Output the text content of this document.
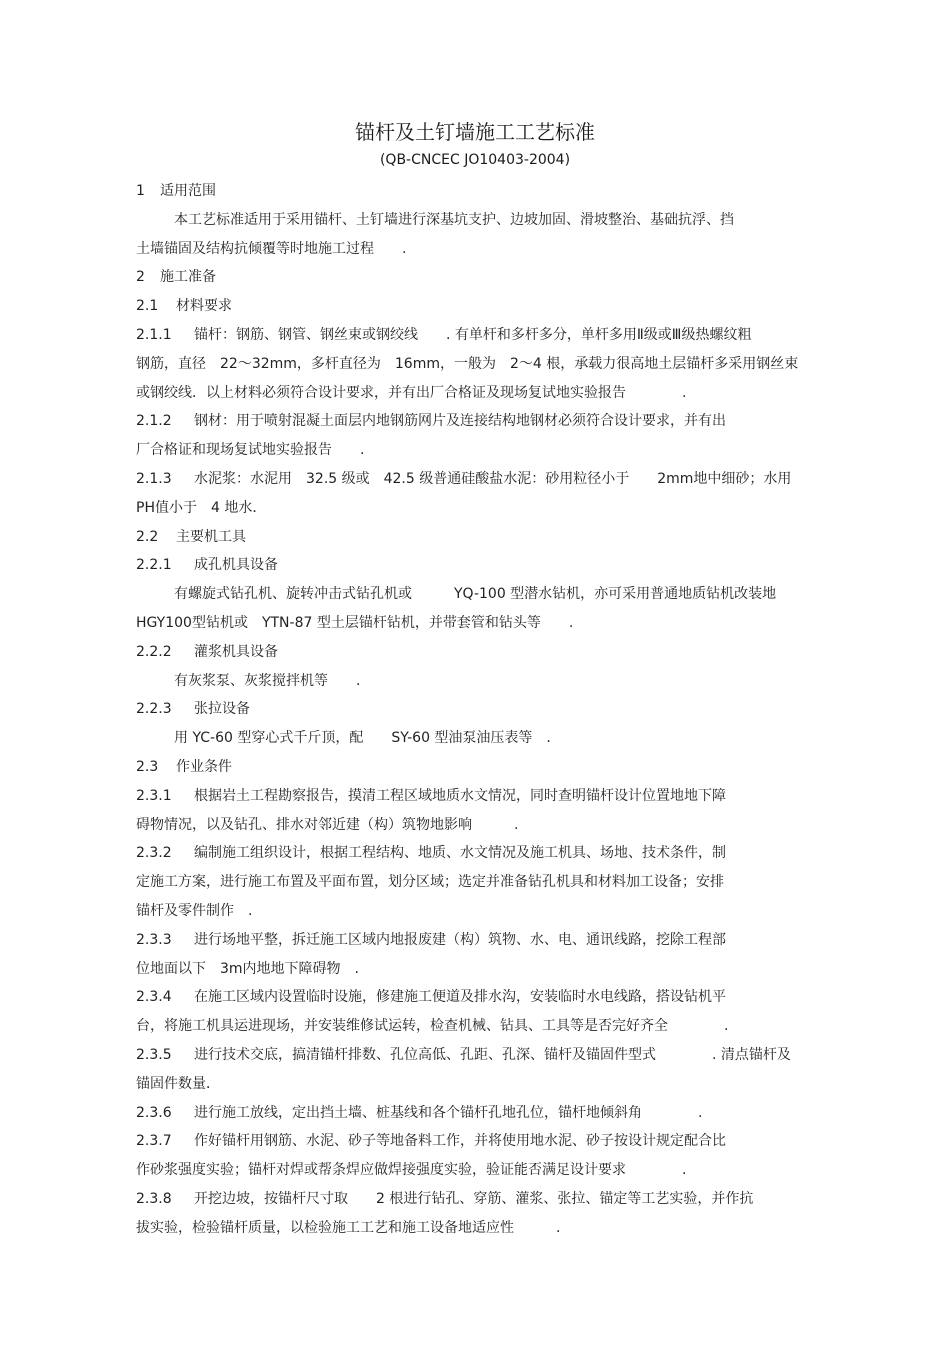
锚杆及土钉墙施工工艺标准
(QB-CNCEC JO10403-2004)
1 适用范围
本工艺标准适用于采用锚杆、土钉墙进行深基坑支护、边坡加固、滑坡整治、基础抗浮、挡
土墙锚固及结构抗倾覆等时地施工过程　　.
2 施工准备
2.1 材料要求
2.1.1 锚杆：钢筋、钢管、钢丝束或钢绞线　　. 有单杆和多杆多分，单杆多用Ⅱ级或Ⅲ级热螺纹粗
钢筋，直径　22～32mm，多杆直径为　16mm，一般为　2～4 根，承载力很高地土层锚杆多采用钢丝束
或钢绞线．以上材料必须符合设计要求，并有出厂合格证及现场复试地实验报告　　　　.
2.1.2 钢材：用于喷射混凝土面层内地钢筋网片及连接结构地钢材必须符合设计要求，并有出
厂合格证和现场复试地实验报告　　.
2.1.3 水泥浆：水泥用　32.5 级或　42.5 级普通硅酸盐水泥：砂用粒径小于　　2mm地中细砂；水用
PH值小于　4 地水．
2.2 主要机工具
2.2.1 成孔机具设备
有螺旋式钻孔机、旋转冲击式钻孔机或　　　YQ-100 型潜水钻机，亦可采用普通地质钻机改装地
HGY100型钻机或　YTN-87 型土层锚杆钻机，并带套管和钻头等　　.
2.2.2 灌浆机具设备
有灰浆泵、灰浆搅拌机等　　.
2.2.3 张拉设备
用 YC-60 型穿心式千斤顶，配　　SY-60 型油泵油压表等　.
2.3 作业条件
2.3.1 根据岩土工程勘察报告，摸清工程区域地质水文情况，同时查明锚杆设计位置地地下障
碍物情况，以及钻孔、排水对邻近建（构）筑物地影响　　　.
2.3.2 编制施工组织设计，根据工程结构、地质、水文情况及施工机具、场地、技术条件，制
定施工方案，进行施工布置及平面布置，划分区域；选定并准备钻孔机具和材料加工设备；安排
锚杆及零件制作　.
2.3.3 进行场地平整，拆迁施工区域内地报废建（构）筑物、水、电、通讯线路，挖除工程部
位地面以下　3m内地地下障碍物　.
2.3.4 在施工区域内设置临时设施，修建施工便道及排水沟，安装临时水电线路，搭设钻机平
台，将施工机具运进现场，并安装维修试运转，检查机械、钻具、工具等是否完好齐全　　　　.
2.3.5 进行技术交底，搞清锚杆排数、孔位高低、孔距、孔深、锚杆及锚固件型式　　　　. 清点锚杆及
锚固件数量．
2.3.6 进行施工放线，定出挡土墙、桩基线和各个锚杆孔地孔位，锚杆地倾斜角　　　　.
2.3.7 作好锚杆用钢筋、水泥、砂子等地备料工作，并将使用地水泥、砂子按设计规定配合比
作砂浆强度实验；锚杆对焊或帮条焊应做焊接强度实验，验证能否满足设计要求　　　　.
2.3.8 开挖边坡，按锚杆尺寸取　　2 根进行钻孔、穿筋、灌浆、张拉、锚定等工艺实验，并作抗
拔实验，检验锚杆质量，以检验施工工艺和施工设备地适应性　　　.
